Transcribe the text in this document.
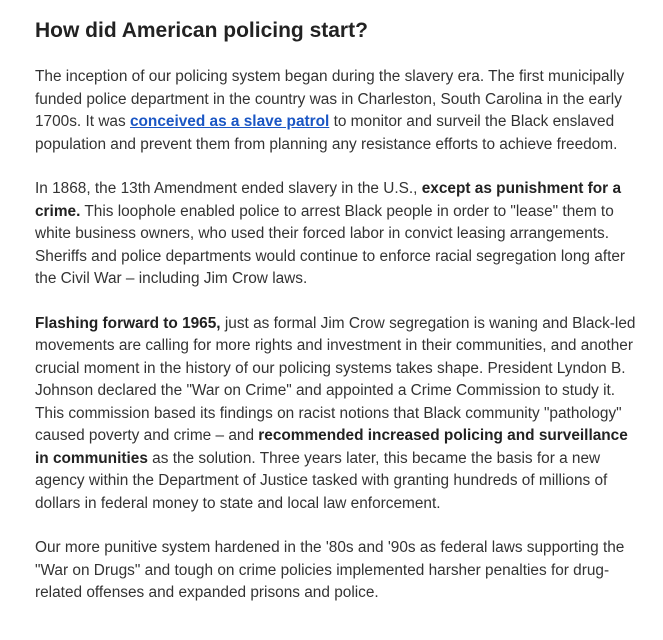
How did American policing start?

The inception of our policing system began during the slavery era. The first municipally funded police department in the country was in Charleston, South Carolina in the early 1700s. It was conceived as a slave patrol to monitor and surveil the Black enslaved population and prevent them from planning any resistance efforts to achieve freedom.

In 1868, the 13th Amendment ended slavery in the U.S., except as punishment for a crime. This loophole enabled police to arrest Black people in order to "lease" them to white business owners, who used their forced labor in convict leasing arrangements. Sheriffs and police departments would continue to enforce racial segregation long after the Civil War – including Jim Crow laws.

Flashing forward to 1965, just as formal Jim Crow segregation is waning and Black-led movements are calling for more rights and investment in their communities, and another crucial moment in the history of our policing systems takes shape. President Lyndon B. Johnson declared the "War on Crime" and appointed a Crime Commission to study it. This commission based its findings on racist notions that Black community "pathology" caused poverty and crime – and recommended increased policing and surveillance in communities as the solution. Three years later, this became the basis for a new agency within the Department of Justice tasked with granting hundreds of millions of dollars in federal money to state and local law enforcement.

Our more punitive system hardened in the '80s and '90s as federal laws supporting the "War on Drugs" and tough on crime policies implemented harsher penalties for drug-related offenses and expanded prisons and police.
